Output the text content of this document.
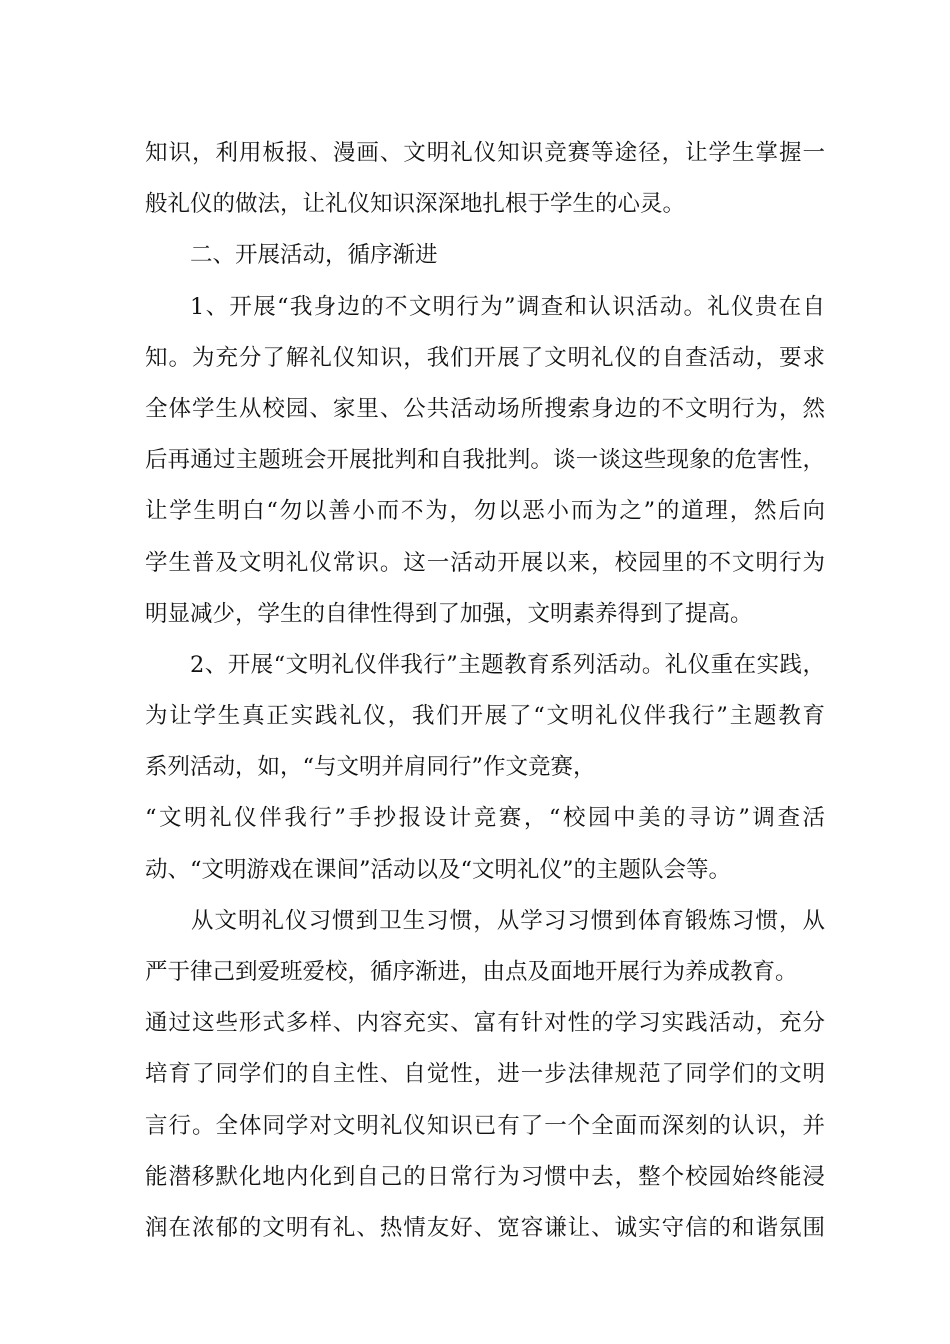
知识，利用板报、漫画、文明礼仪知识竞赛等途径，让学生掌握一
般礼仪的做法，让礼仪知识深深地扎根于学生的心灵。
二、开展活动，循序渐进
1、开展“我身边的不文明行为”调查和认识活动。礼仪贵在自
知。为充分了解礼仪知识，我们开展了文明礼仪的自查活动，要求
全体学生从校园、家里、公共活动场所搜索身边的不文明行为，然
后再通过主题班会开展批判和自我批判。谈一谈这些现象的危害性，
让学生明白“勿以善小而不为，勿以恶小而为之”的道理，然后向
学生普及文明礼仪常识。这一活动开展以来，校园里的不文明行为
明显减少，学生的自律性得到了加强，文明素养得到了提高。
2、开展“文明礼仪伴我行”主题教育系列活动。礼仪重在实践，
为让学生真正实践礼仪，我们开展了“文明礼仪伴我行”主题教育
系列活动，如，“与文明并肩同行”作文竞赛，
“文明礼仪伴我行”手抄报设计竞赛，“校园中美的寻访”调查活
动、“文明游戏在课间”活动以及“文明礼仪”的主题队会等。
从文明礼仪习惯到卫生习惯，从学习习惯到体育锻炼习惯，从
严于律己到爱班爱校，循序渐进，由点及面地开展行为养成教育。
通过这些形式多样、内容充实、富有针对性的学习实践活动，充分
培育了同学们的自主性、自觉性，进一步法律规范了同学们的文明
言行。全体同学对文明礼仪知识已有了一个全面而深刻的认识，并
能潜移默化地内化到自己的日常行为习惯中去，整个校园始终能浸
润在浓郁的文明有礼、热情友好、宽容谦让、诚实守信的和谐氛围
